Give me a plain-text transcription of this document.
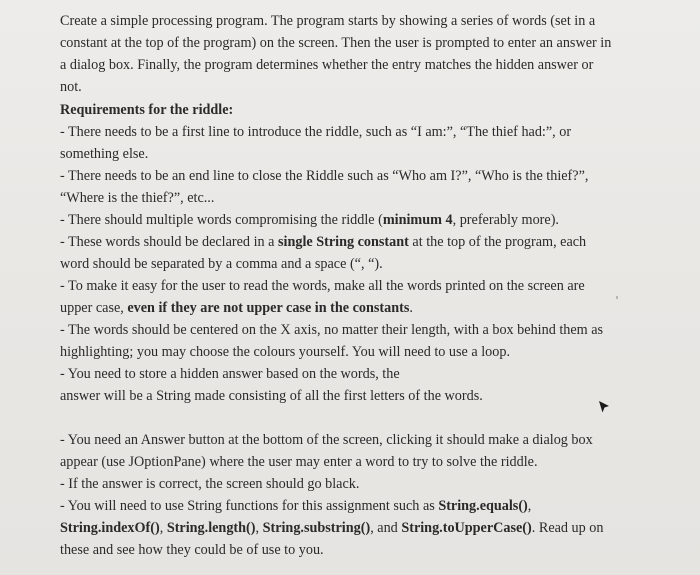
Create a simple processing program. The program starts by showing a series of words (set in a
constant at the top of the program) on the screen. Then the user is prompted to enter an answer in
a dialog box. Finally, the program determines whether the entry matches the hidden answer or
not.
Requirements for the riddle:
- There needs to be a first line to introduce the riddle, such as “I am:”, “The thief had:”, or
something else.
- There needs to be an end line to close the Riddle such as “Who am I?”, “Who is the thief?”,
“Where is the thief?”, etc...
- There should multiple words compromising the riddle (minimum 4, preferably more).
- These words should be declared in a single String constant at the top of the program, each
word should be separated by a comma and a space (“, “).
- To make it easy for the user to read the words, make all the words printed on the screen are
upper case, even if they are not upper case in the constants.
- The words should be centered on the X axis, no matter their length, with a box behind them as
highlighting; you may choose the colours yourself. You will need to use a loop.
- You need to store a hidden answer based on the words, the
answer will be a String made consisting of all the first letters of the words.
- You need an Answer button at the bottom of the screen, clicking it should make a dialog box
appear (use JOptionPane) where the user may enter a word to try to solve the riddle.
- If the answer is correct, the screen should go black.
- You will need to use String functions for this assignment such as String.equals(),
String.indexOf(), String.length(), String.substring(), and String.toUpperCase(). Read up on
these and see how they could be of use to you.
